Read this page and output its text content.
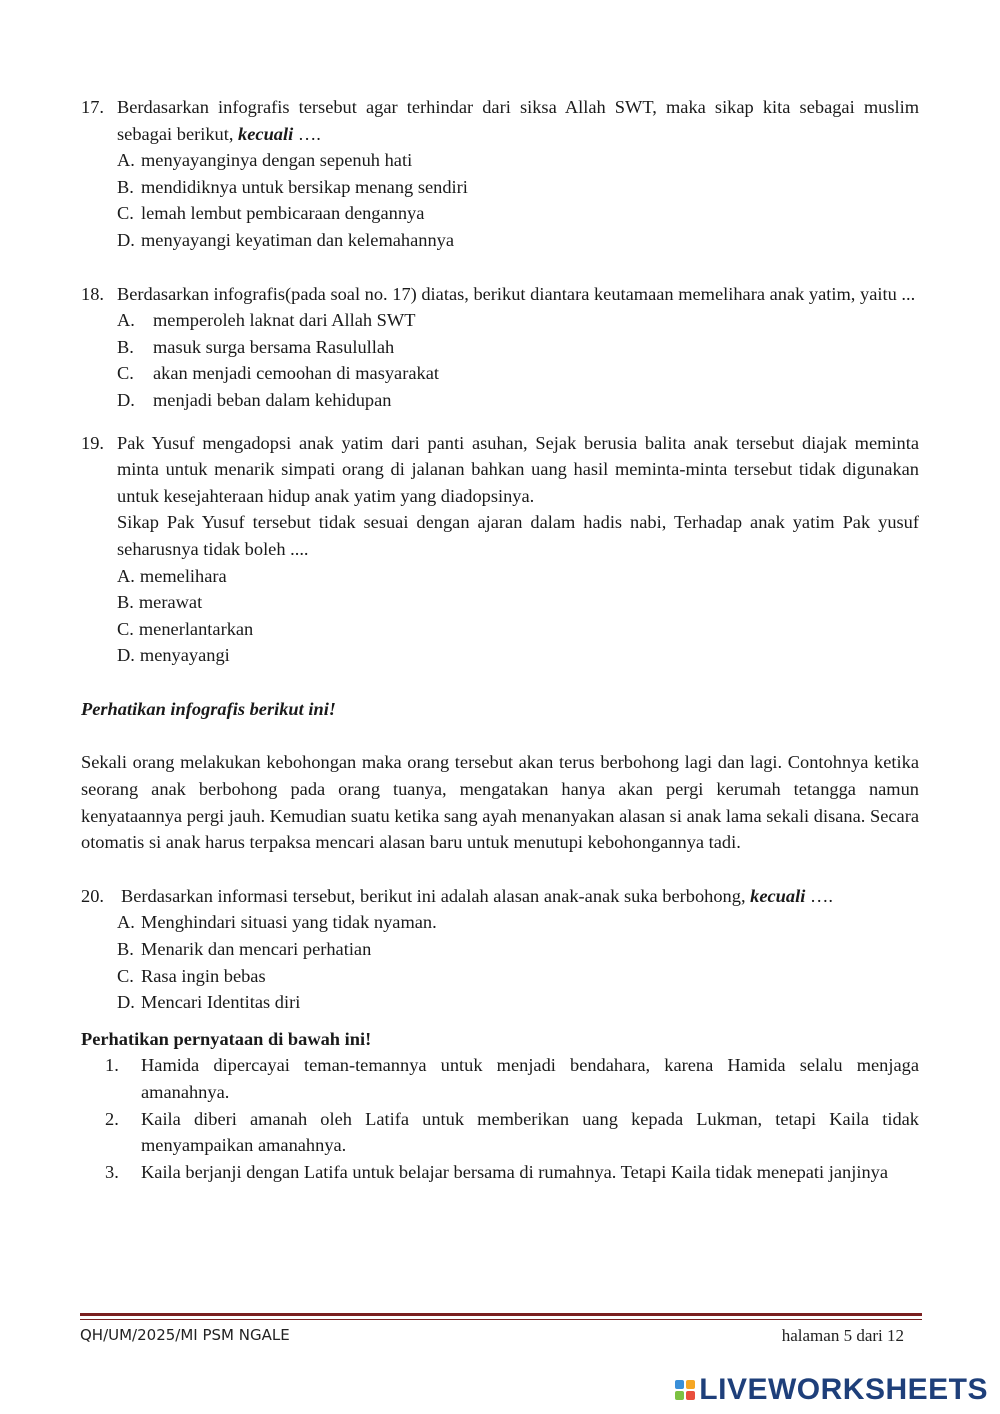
17. Berdasarkan infografis tersebut agar terhindar dari siksa Allah SWT, maka sikap kita sebagai muslim sebagai berikut, kecuali ….
A. menyayanginya dengan sepenuh hati
B. mendidiknya untuk bersikap menang sendiri
C. lemah lembut pembicaraan dengannya
D. menyayangi keyatiman dan kelemahannya
18. Berdasarkan infografis(pada soal no. 17) diatas, berikut diantara keutamaan memelihara anak yatim, yaitu ...
A. memperoleh laknat dari Allah SWT
B. masuk surga bersama Rasulullah
C. akan menjadi cemoohan di masyarakat
D. menjadi beban dalam kehidupan
19. Pak Yusuf mengadopsi anak yatim dari panti asuhan, Sejak berusia balita anak tersebut diajak meminta minta untuk menarik simpati orang di jalanan bahkan uang hasil meminta-minta tersebut tidak digunakan untuk kesejahteraan hidup anak yatim yang diadopsinya.
Sikap Pak Yusuf tersebut tidak sesuai dengan ajaran dalam hadis nabi, Terhadap anak yatim Pak yusuf seharusnya tidak boleh ....
A. memelihara
B. merawat
C. menerlantarkan
D. menyayangi
Perhatikan infografis berikut ini!
Sekali orang melakukan kebohongan maka orang tersebut akan terus berbohong lagi dan lagi. Contohnya ketika seorang anak berbohong pada orang tuanya, mengatakan hanya akan pergi kerumah tetangga namun kenyataannya pergi jauh. Kemudian suatu ketika sang ayah menanyakan alasan si anak lama sekali disana. Secara otomatis si anak harus terpaksa mencari alasan baru untuk menutupi kebohongannya tadi.
20. Berdasarkan informasi tersebut, berikut ini adalah alasan anak-anak suka berbohong, kecuali ….
A. Menghindari situasi yang tidak nyaman.
B. Menarik dan mencari perhatian
C. Rasa ingin bebas
D. Mencari Identitas diri
Perhatikan pernyataan di bawah ini!
1. Hamida dipercayai teman-temannya untuk menjadi bendahara, karena Hamida selalu menjaga amanahnya.
2. Kaila diberi amanah oleh Latifa untuk memberikan uang kepada Lukman, tetapi Kaila tidak menyampaikan amanahnya.
3. Kaila berjanji dengan Latifa untuk belajar bersama di rumahnya. Tetapi Kaila tidak menepati janjinya
QH/UM/2025/MI PSM NGALE	halaman 5 dari 12
LIVEWORKSHEETS
